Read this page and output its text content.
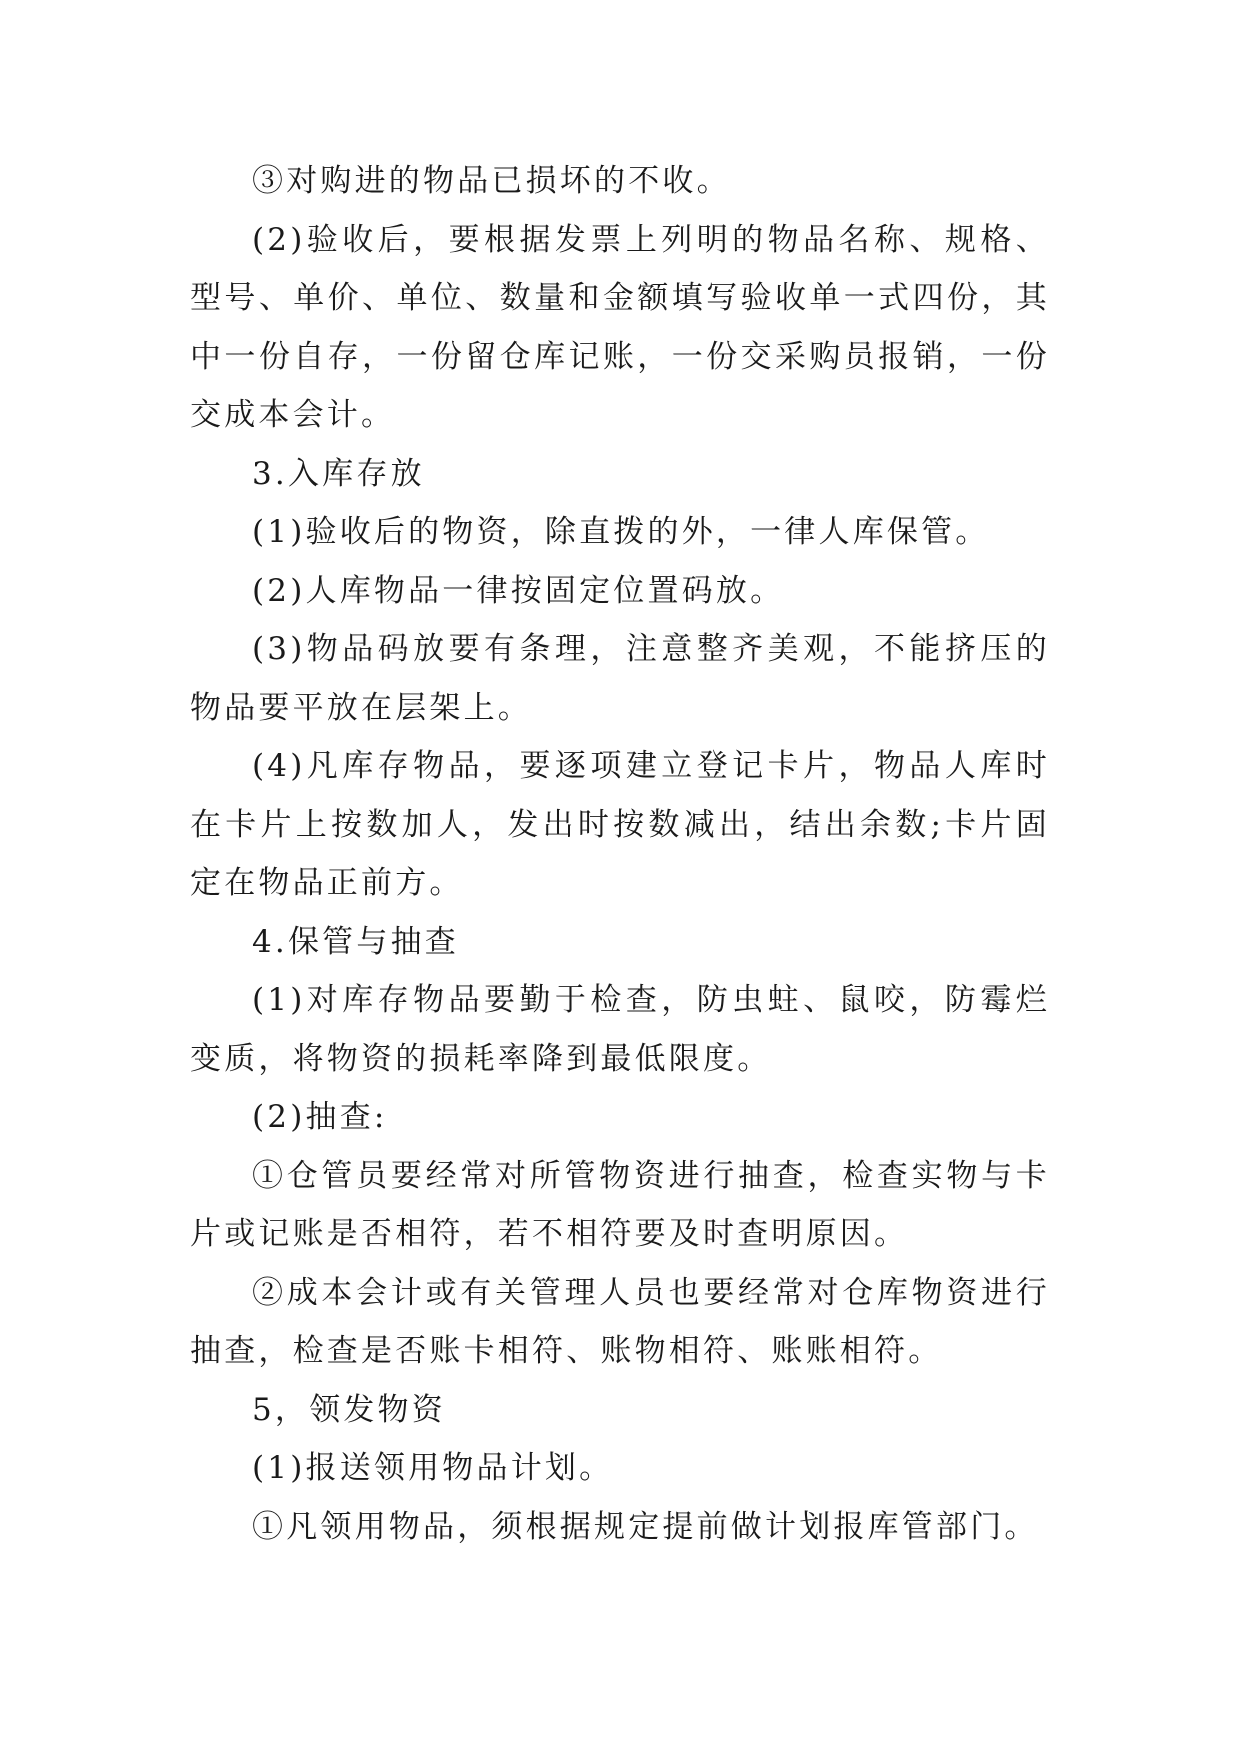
③对购进的物品已损坏的不收。

(2)验收后，要根据发票上列明的物品名称、规格、型号、单价、单位、数量和金额填写验收单一式四份，其中一份自存，一份留仓库记账，一份交采购员报销，一份交成本会计。

3.入库存放

(1)验收后的物资，除直拨的外，一律人库保管。

(2)人库物品一律按固定位置码放。

(3)物品码放要有条理，注意整齐美观，不能挤压的物品要平放在层架上。

(4)凡库存物品，要逐项建立登记卡片，物品人库时在卡片上按数加人，发出时按数减出，结出余数;卡片固定在物品正前方。

4.保管与抽查

(1)对库存物品要勤于检查，防虫蛀、鼠咬，防霉烂变质，将物资的损耗率降到最低限度。

(2)抽查:

①仓管员要经常对所管物资进行抽查，检查实物与卡片或记账是否相符，若不相符要及时查明原因。

②成本会计或有关管理人员也要经常对仓库物资进行抽查，检查是否账卡相符、账物相符、账账相符。

5，领发物资

(1)报送领用物品计划。

①凡领用物品，须根据规定提前做计划报库管部门。
